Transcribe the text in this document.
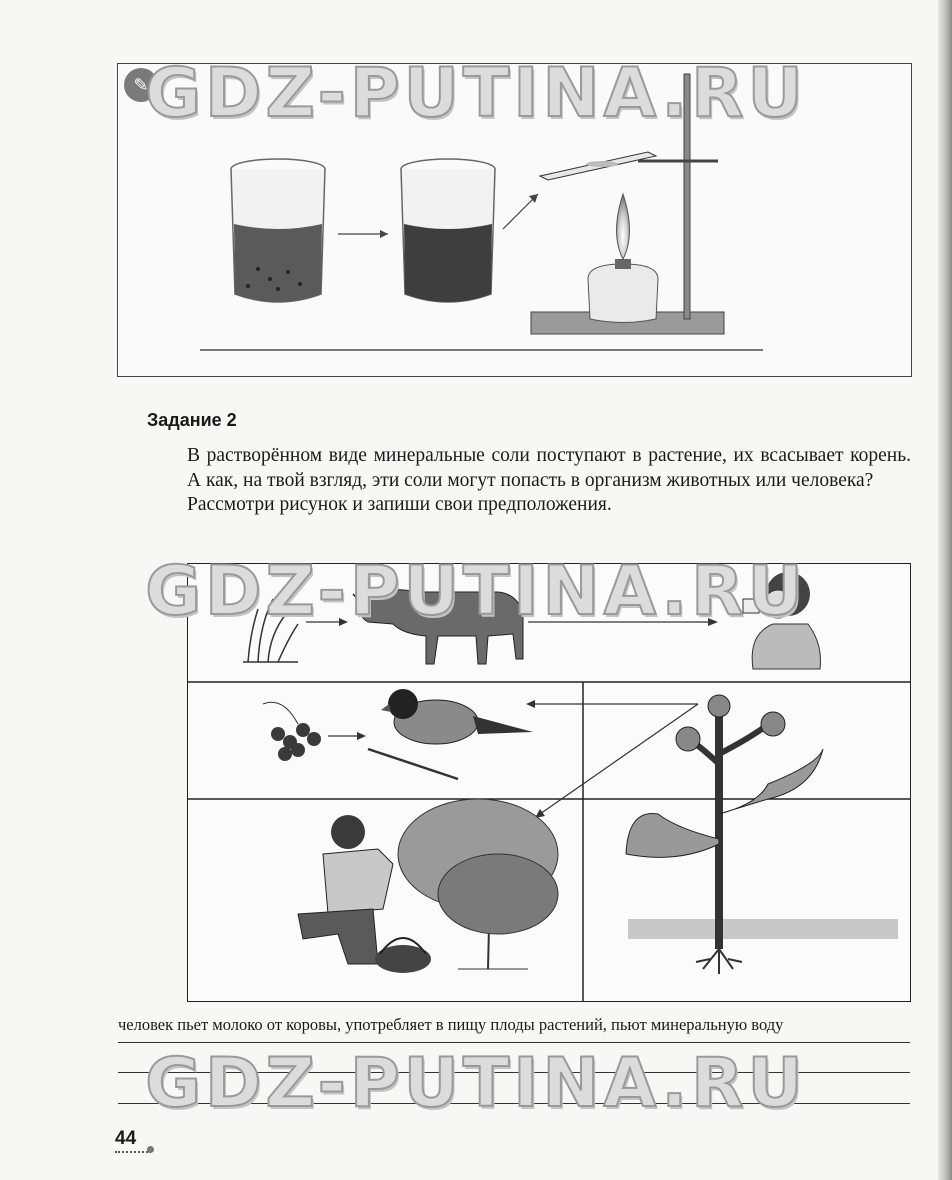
✎
GDZ-PUTINA.RU
Задание 2

В растворённом виде минеральные соли поступают в растение, их всасывает корень. А как, на твой взгляд, эти соли могут попасть в организм животных или человека?

Рассмотри рисунок и запиши свои предположения.

GDZ-PUTINA.RU
человек пьет молоко от коровы, употребляет в пищу плоды растений, пьют минеральную воду
GDZ-PUTINA.RU
44
